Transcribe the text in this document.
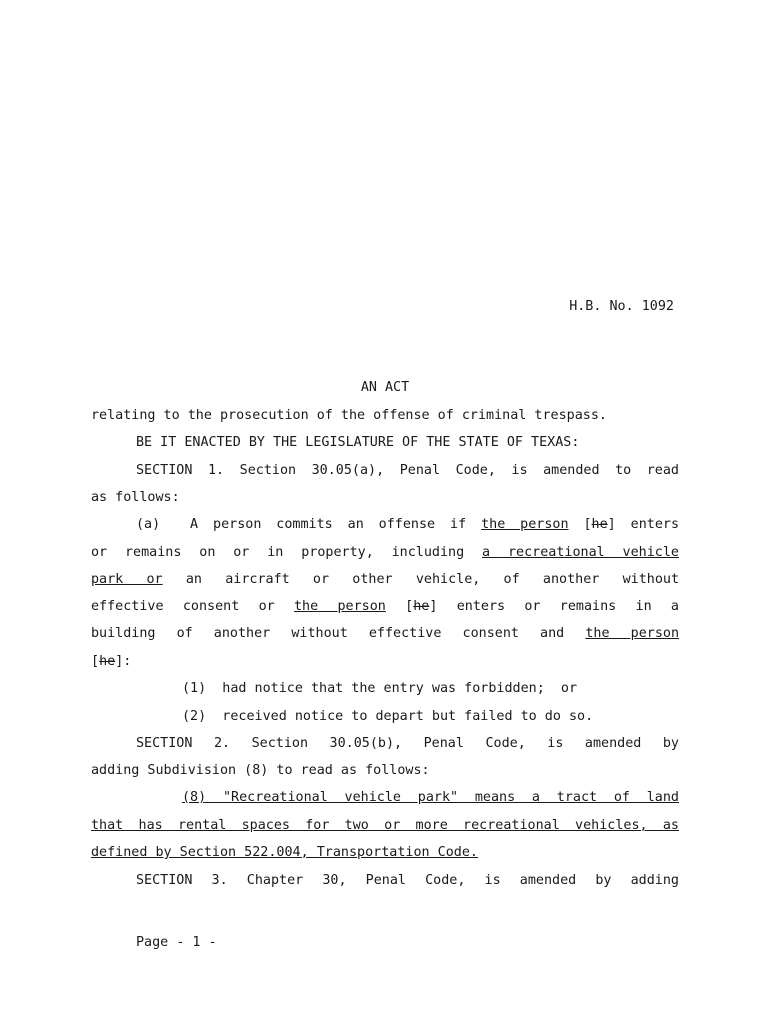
H.B. No. 1092
AN ACT
relating to the prosecution of the offense of criminal trespass.
BE IT ENACTED BY THE LEGISLATURE OF THE STATE OF TEXAS:
SECTION 1. Section 30.05(a), Penal Code, is amended to read
as follows:
(a) A person commits an offense if the person [he] enters
or remains on or in property, including a recreational vehicle
park or an aircraft or other vehicle, of another without
effective consent or the person [he] enters or remains in a
building of another without effective consent and the person
[he]:
(1)  had notice that the entry was forbidden;  or
(2)  received notice to depart but failed to do so.
SECTION 2. Section 30.05(b), Penal Code, is amended by
adding Subdivision (8) to read as follows:
(8) "Recreational vehicle park" means a tract of land
that has rental spaces for two or more recreational vehicles, as
defined by Section 522.004, Transportation Code.
SECTION 3. Chapter 30, Penal Code, is amended by adding
Page - 1 -
